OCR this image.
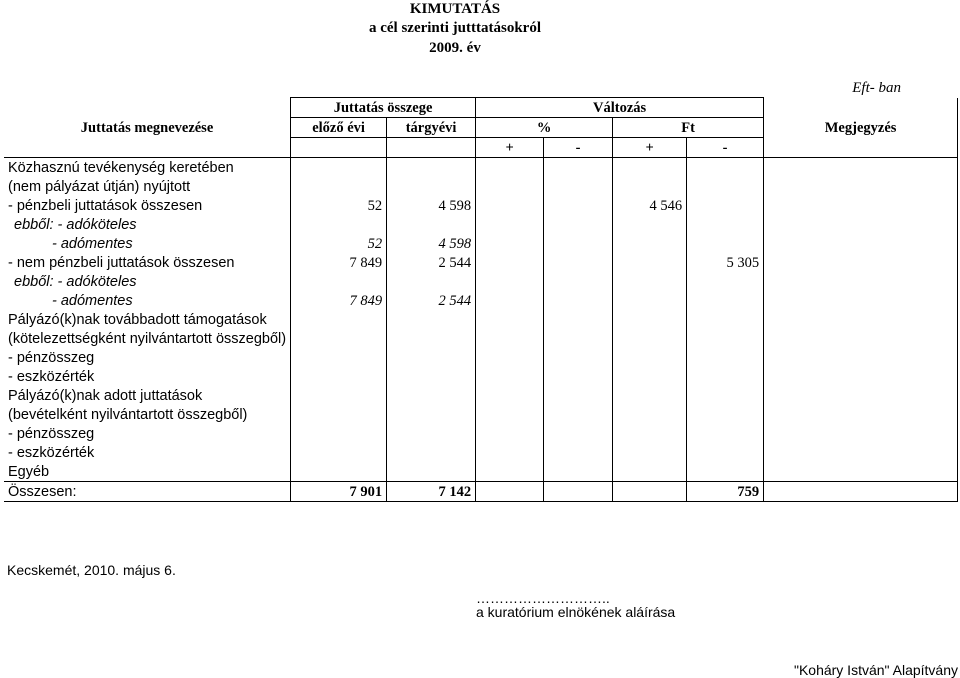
KIMUTATÁS
a cél szerinti jutttatásokról
2009. év
Eft- ban
	Juttatás összege		Változás				
Juttatás megnevezése	előző évi	tárgyévi	%		Ft		Megjegyzés
			+	-	+	-	
Közhasznú tevékenység keretében							
(nem pályázat útján) nyújtott							
- pénzbeli juttatások összesen	52	4 598			4 546		
ebből: - adóköteles							
- adómentes	52	4 598					
- nem pénzbeli juttatások összesen	7 849	2 544				5 305	
ebből: - adóköteles							
- adómentes	7 849	2 544					
Pályázó(k)nak továbbadott támogatások							
(kötelezettségként nyilvántartott összegből)							
- pénzösszeg							
- eszközérték							
Pályázó(k)nak adott juttatások							
(bevételként nyilvántartott összegből)							
- pénzösszeg							
- eszközérték							
Egyéb							
Összesen:	7 901	7 142				759	
Kecskemét, 2010. május 6.
………………………..
a kuratórium elnökének aláírása
"Koháry István" Alapítvány
